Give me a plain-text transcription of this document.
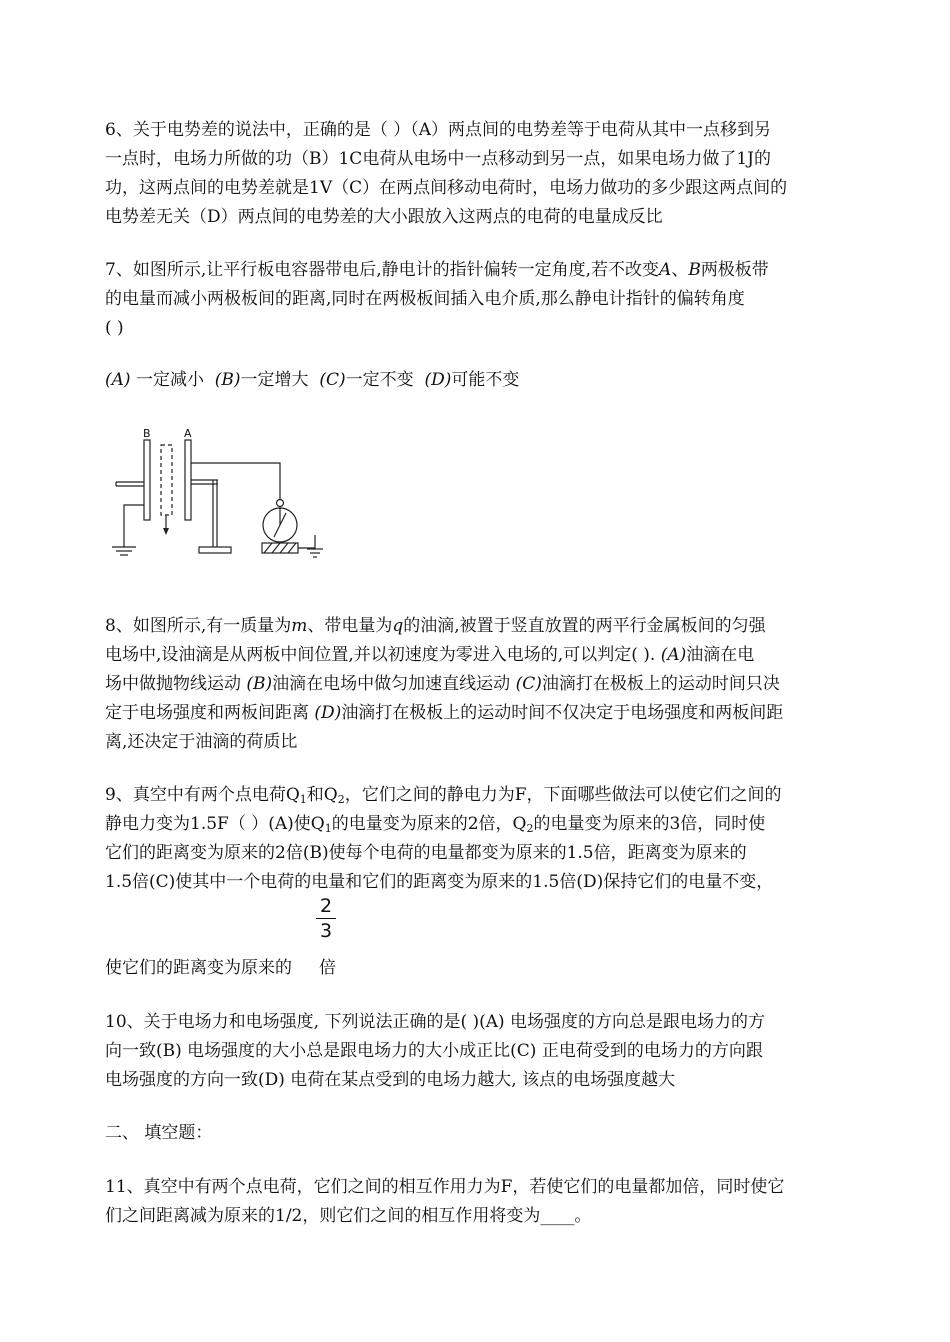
6、关于电势差的说法中，正确的是（ ）（A）两点间的电势差等于电荷从其中一点移到另
一点时，电场力所做的功（B）1C电荷从电场中一点移动到另一点，如果电场力做了1J的
功，这两点间的电势差就是1V（C）在两点间移动电荷时，电场力做功的多少跟这两点间的
电势差无关（D）两点间的电势差的大小跟放入这两点的电荷的电量成反比
7、如图所示,让平行板电容器带电后,静电计的指针偏转一定角度,若不改变A、B两极板带
的电量而减小两极板间的距离,同时在两极板间插入电介质,那么静电计指针的偏转角度
( )
(A) 一定减小  (B)一定增大  (C)一定不变  (D)可能不变
B	A
8、如图所示,有一质量为m、带电量为q的油滴,被置于竖直放置的两平行金属板间的匀强
电场中,设油滴是从两板中间位置,并以初速度为零进入电场的,可以判定( ). (A)油滴在电
场中做抛物线运动 (B)油滴在电场中做匀加速直线运动 (C)油滴打在极板上的运动时间只决
定于电场强度和两板间距离 (D)油滴打在极板上的运动时间不仅决定于电场强度和两板间距
离,还决定于油滴的荷质比
9、真空中有两个点电荷$Q_1$和$Q_2$，它们之间的静电力为F，下面哪些做法可以使它们之间的
静电力变为1.5F（ ）(A)使$Q_1$的电量变为原来的2倍，$Q_2$的电量变为原来的3倍，同时使
它们的距离变为原来的2倍(B)使每个电荷的电量都变为原来的1.5倍，距离变为原来的
1.5倍(C)使其中一个电荷的电量和它们的距离变为原来的1.5倍(D)保持它们的电量不变，
2
3
使它们的距离变为原来的 倍
10、关于电场力和电场强度, 下列说法正确的是( )(A) 电场强度的方向总是跟电场力的方
向一致(B) 电场强度的大小总是跟电场力的大小成正比(C) 正电荷受到的电场力的方向跟
电场强度的方向一致(D) 电荷在某点受到的电场力越大, 该点的电场强度越大
二、 填空题：
11、真空中有两个点电荷，它们之间的相互作用力为F，若使它们的电量都加倍，同时使它
们之间距离减为原来的1/2，则它们之间的相互作用将变为____。
